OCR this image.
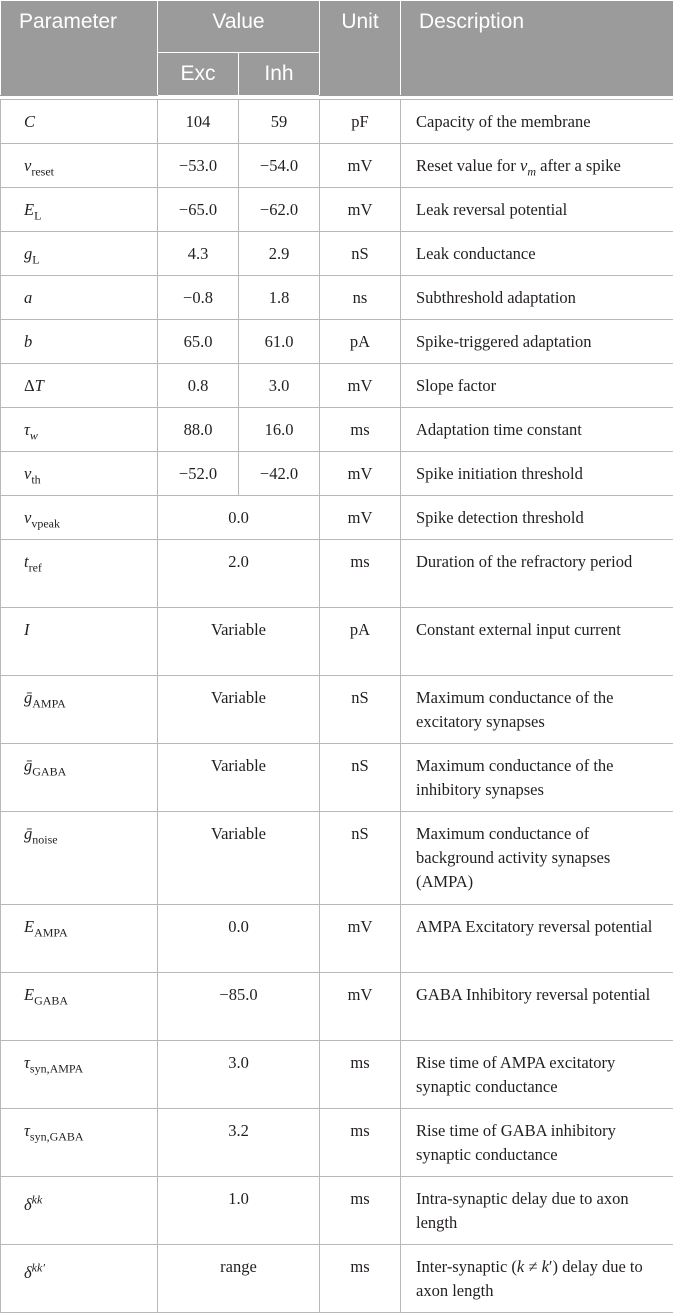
Parameter	Value		Unit	Description
	Exc	Inh		

C	104	59	pF	Capacity of the membrane
$v_{reset}$	−53.0	−54.0	mV	Reset value for $v_m$ after a spike
$E_L$	−65.0	−62.0	mV	Leak reversal potential
$g_L$	4.3	2.9	nS	Leak conductance
a	−0.8	1.8	ns	Subthreshold adaptation
b	65.0	61.0	pA	Spike-triggered adaptation
ΔT	0.8	3.0	mV	Slope factor
$\tau_w$	88.0	16.0	ms	Adaptation time constant
$v_{th}$	−52.0	−42.0	mV	Spike initiation threshold
$v_{vpeak}$	0.0		mV	Spike detection threshold
$t_{ref}$	2.0		ms	Duration of the refractory period
I	Variable		pA	Constant external input current
ḡ$_{AMPA}$	Variable		nS	Maximum conductance of the excitatory synapses
ḡ$_{GABA}$	Variable		nS	Maximum conductance of the inhibitory synapses
ḡ$_{noise}$	Variable		nS	Maximum conductance of background activity synapses (AMPA)
$E_{AMPA}$	0.0		mV	AMPA Excitatory reversal potential
$E_{GABA}$	−85.0		mV	GABA Inhibitory reversal potential
$\tau_{syn,AMPA}$	3.0		ms	Rise time of AMPA excitatory synaptic conductance
$\tau_{syn,GABA}$	3.2		ms	Rise time of GABA inhibitory synaptic conductance
$\delta^{kk}$	1.0		ms	Intra-synaptic delay due to axon length
$\delta^{kk'}$	range		ms	Inter-synaptic (k ≠ k′) delay due to axon length
